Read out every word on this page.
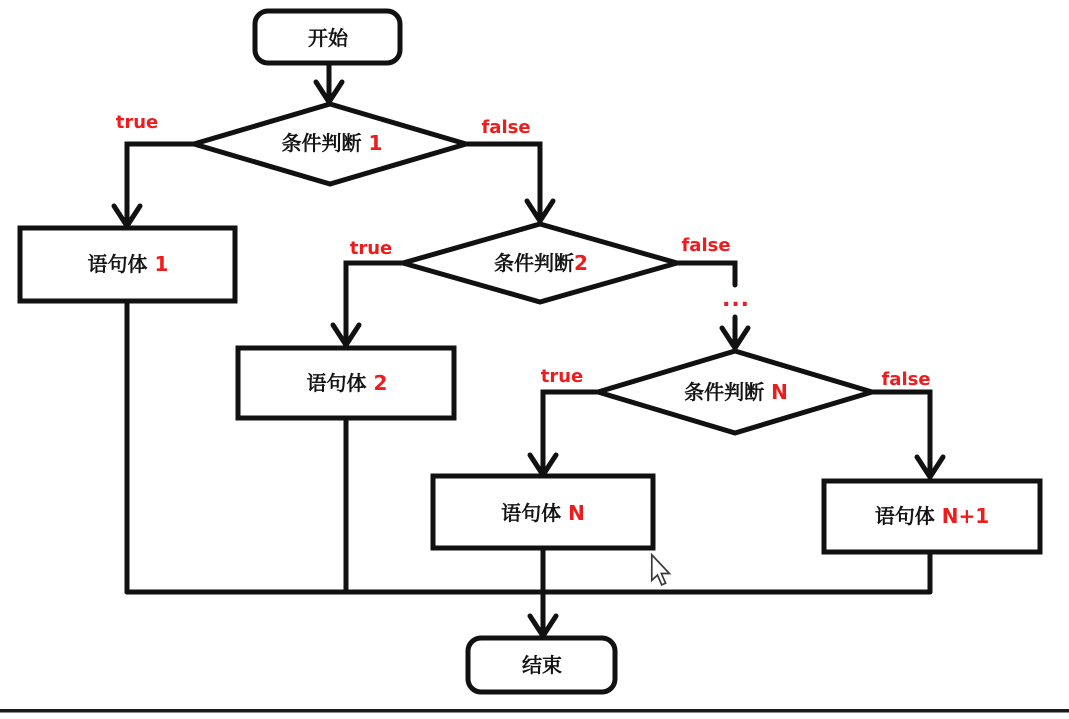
开始
条件判断 1
语句体 1	条件判断2
语句体 2	条件判断 N
语句体 N	语句体 N+1
结束
true	false
true	false
true	false
...
